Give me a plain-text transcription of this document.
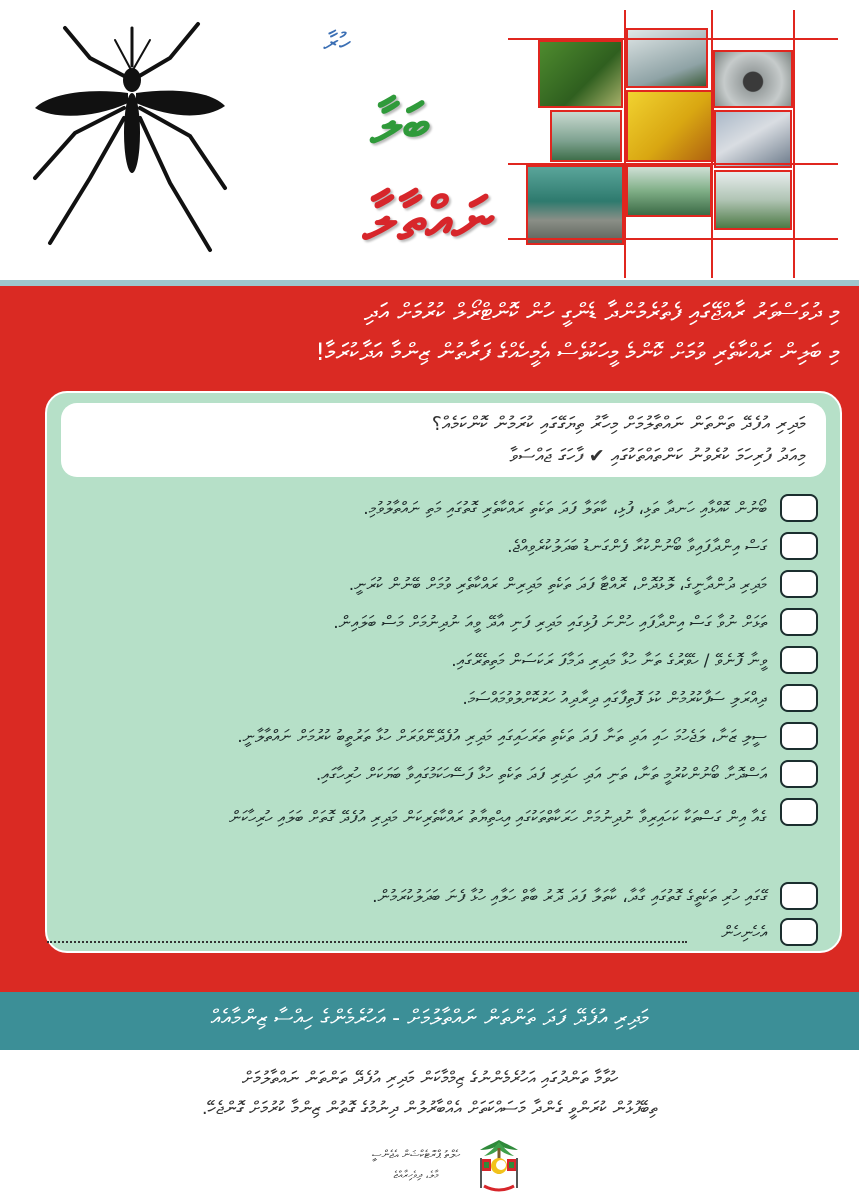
ހުރާ
ބަލާ
ނައްތާލާ
މި ދުވަސްވަރު ރާއްޖޭގައި ފެތުރެމުންދާ ޑެންގީ ހުން ކޮންޓްރޯލް ކުރުމަށް އަދި
މި ބަލިން ރައްކާތެރި ވުމަށް ކޮންމެ މީހަކުވެސް އެމީހެއްގެ ފަރާތުން ޒިންމާ އަދާކުރަމާ!
މަދިރި އުފެދޭ ތަންތަން ނައްތާލުމަށް މިހާރު ތިޔަގޭގައި ކުރަމުން ކޮންކަމެއް؟
މިއަދު ފުރިހަމަ ކުރެވުނު ކަންތައްތަކުގައި ✔ ފާހަގަ ޖައްސަވާ
ބޯނުން ކޮއްޅާއި ހަނދާ ތަޅި، ފުޅި، ކާތަލާ ފަދަ ތަކެތި ރައްކާތެރި ގޮތުގައި މަތި ނައްތާލުވުމި.
ގަސް އިންދާފައިވާ ބޯނުންކުރާ ފެންގަނޑު ބަދަލުކުރެވިއްޖެ.
މަދިރި ދުންދާނީގެ، ލޮޅުދޮށް، ރޮއްޓާ ފަދަ ތަކެތި މަދިރިން ރައްކާތެރި ވުމަށް ބޭނުން ކުރަނީ.
ތަޅަށް ނުވާ ގަސް އިންދާފައި ހުންނަ ފުޅިގައި މަދިރި ފަނި އާދޭ ވީއަ ނުދިނުމަށް މަސް ބަލައިން.
ވީނާ ފޮނެވޭ / ހެވޭރުގެ ތަނާ ހުޅާ މަދިރި ދަމާފަ ރަކަސަން މަތިތެރޭގައި.
ދިއްރަލި ސަފާކުރުމުން ކުޅަ ފޮތިފާގައި ދިރާދިއު ހަރުކޮށްލުވުމައްސަމަ.
ސީލި ޒަނާ، ލަޖެހުމަ ހައި އަދި ތަނާ ފަދަ ތަކެތި ތަރަހައިގައި މަދިރި އުފެދޭނޭވަރަށް ހުޅާ ތަރުތީބު ކުރުމަށް ނައްތާލާނީ.
އަސްދޮށާ ބޯނުންކުރުމީ ތަނާ، ތަނި އަދި ހަދިރި ފަދަ ތަކެތި ހުޅާ ފަސޭހަކަމުގައިވާ ބަޔަކަށް ހުރިހާގައި.
ގެއާ އިން ގަސްތަކާ ކަހައިރިވާ ނުދިނުމަށް ހަރަކާތްތަކުގައި އިޙްތިޔާތު ރައްކާތެރިކަން މަދިރި އުފެދޭ ގޮތަށް ބަލައި ހުރިހާކަން
ގޭގައި ހުރި ތަކެތީގެ ގޮތުގައި ގާދާ، ކާތަލާ ފަދަ ދޮރު ބާތް ހަލާއި ހުޅާ ފެނަ ބަދަލުކުރަމުން.
އެހެނިހެން
މަދިރި އުފެދޭ ފަދަ ތަންތަން ނައްތާލުމަށް - އަހުރެމެންގެ ހިއްސާ ޒިންމާއެއް
ހުވާމާ ތަންދުގައި އަހުރެމެންނުގެ ޒިމްމާކަން މަދިރި އުފެދޭ ތަންތަން ނައްތާލުމަށް
ތިބޭފުޅުން ކުރަންވީ ގެންދާ މަސައްކަތަށް އެއްބާރުލުން ދިނުމުގެ ގޮތުން ޒިންމާ ކުރުމަށް ގޮންޖެހޭ.
ހެލްތު ޕްރޮޓެކްޝަން އެޖެންސީ
މާލެ، ދިވެހިރާއްޖެ
